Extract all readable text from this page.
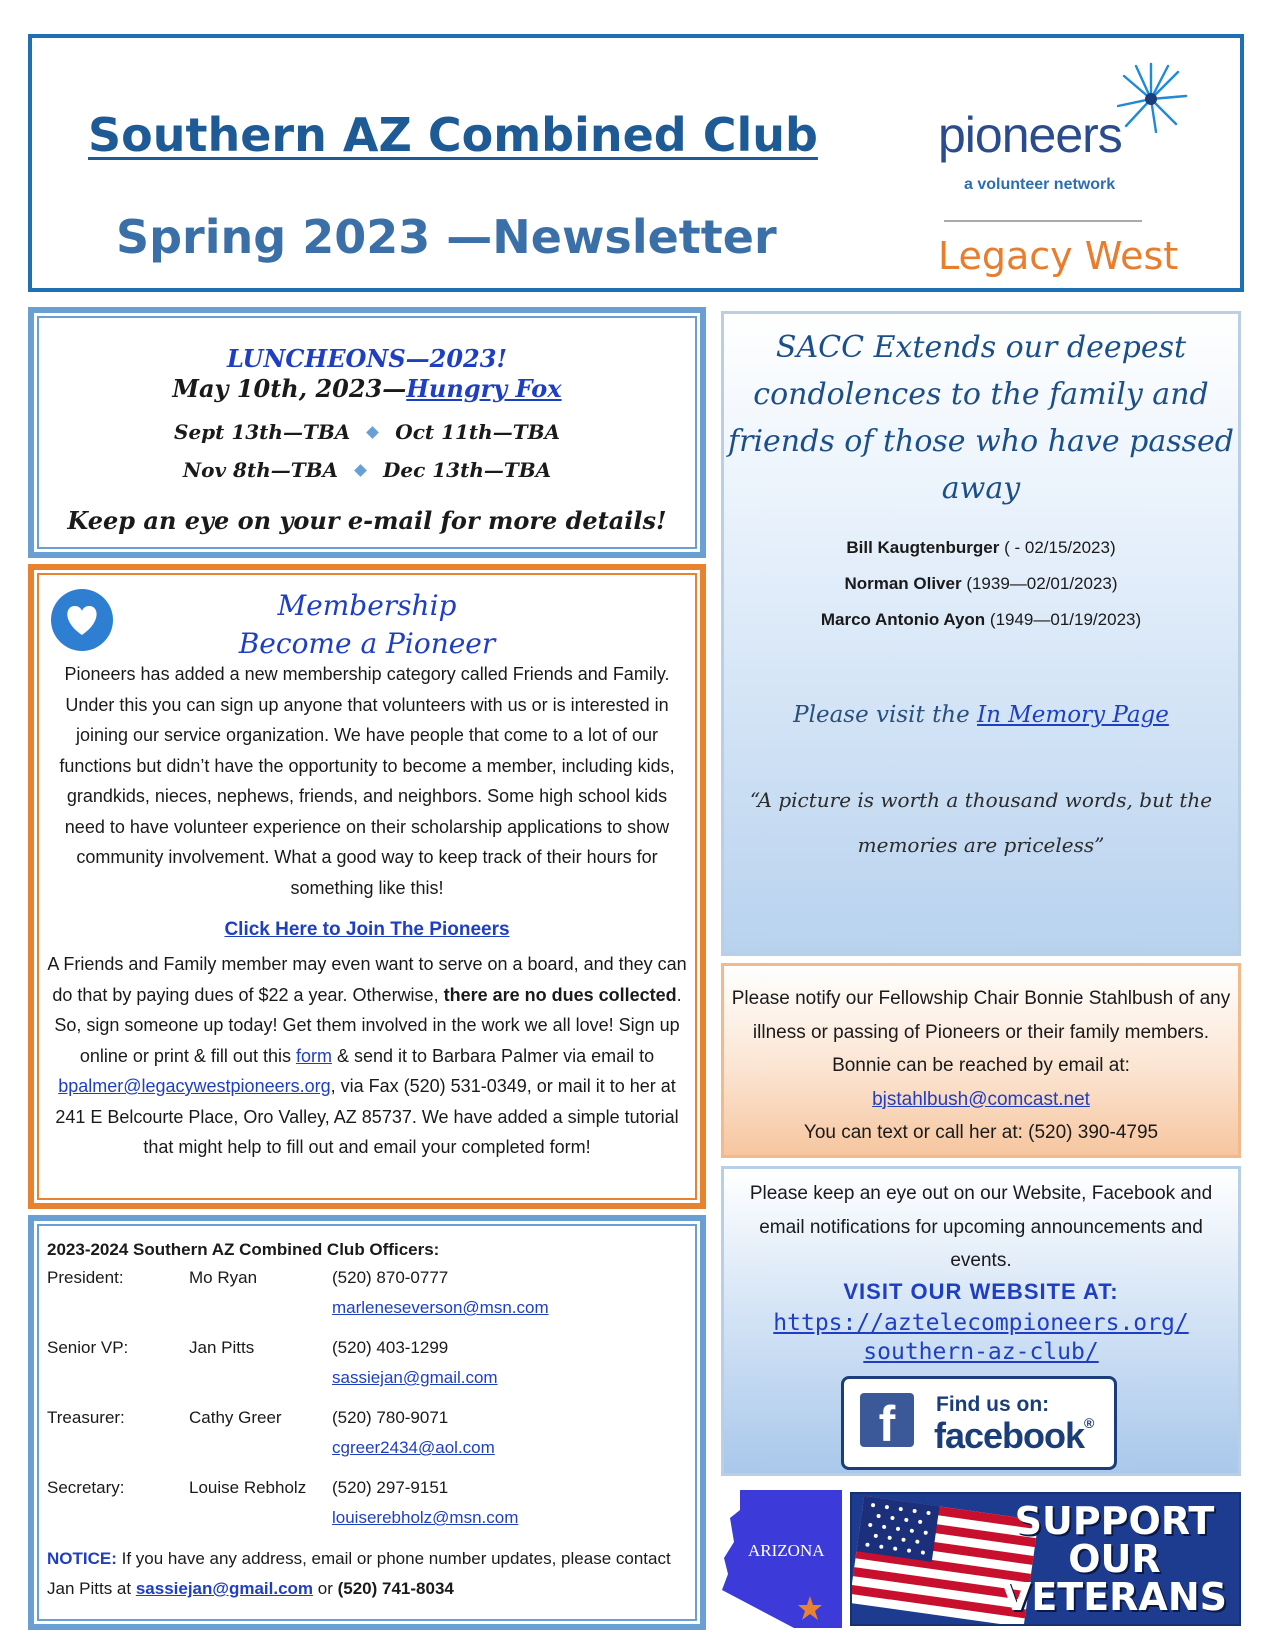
Southern AZ Combined Club
Spring 2023 —Newsletter
pioneers
a volunteer network
Legacy West
LUNCHEONS—2023!
May 10th, 2023—Hungry Fox
Sept 13th—TBA Oct 11th—TBA
Nov 8th—TBA Dec 13th—TBA
Keep an eye on your e-mail for more details!
Membership
Become a Pioneer
Pioneers has added a new membership category called Friends and Family. Under this you can sign up anyone that volunteers with us or is interested in joining our service organization. We have people that come to a lot of our functions but didn’t have the opportunity to become a member, including kids, grandkids, nieces, nephews, friends, and neighbors. Some high school kids need to have volunteer experience on their scholarship applications to show community involvement. What a good way to keep track of their hours for something like this!
Click Here to Join The Pioneers
A Friends and Family member may even want to serve on a board, and they can do that by paying dues of $22 a year. Otherwise, there are no dues collected. So, sign someone up today! Get them involved in the work we all love! Sign up online or print & fill out this form & send it to Barbara Palmer via email to bpalmer@legacywestpioneers.org, via Fax (520) 531-0349, or mail it to her at 241 E Belcourte Place, Oro Valley, AZ 85737. We have added a simple tutorial that might help to fill out and email your completed form!
2023-2024 Southern AZ Combined Club Officers:
President:	Mo Ryan	(520) 870-0777
marleneseverson@msn.com
Senior VP:	Jan Pitts	(520) 403-1299
sassiejan@gmail.com
Treasurer:	Cathy Greer	(520) 780-9071
cgreer2434@aol.com
Secretary:	Louise Rebholz (520) 297-9151
louiserebholz@msn.com
NOTICE: If you have any address, email or phone number updates, please contact Jan Pitts at sassiejan@gmail.com or (520) 741-8034
SACC Extends our deepest condolences to the family and friends of those who have passed away
Bill Kaugtenburger ( - 02/15/2023)
Norman Oliver (1939—02/01/2023)
Marco Antonio Ayon (1949—01/19/2023)
Please visit the In Memory Page
“A picture is worth a thousand words, but the memories are priceless”
Please notify our Fellowship Chair Bonnie Stahlbush of any illness or passing of Pioneers or their family members. Bonnie can be reached by email at:
bjstahlbush@comcast.net
You can text or call her at: (520) 390-4795
Please keep an eye out on our Website, Facebook and email notifications for upcoming announcements and events.
VISIT OUR WEBSITE AT:
https://aztelecompioneers.org/
southern-az-club/
f	Find us on:
facebook®
ARIZONA
SUPPORT
OUR
VETERANS
